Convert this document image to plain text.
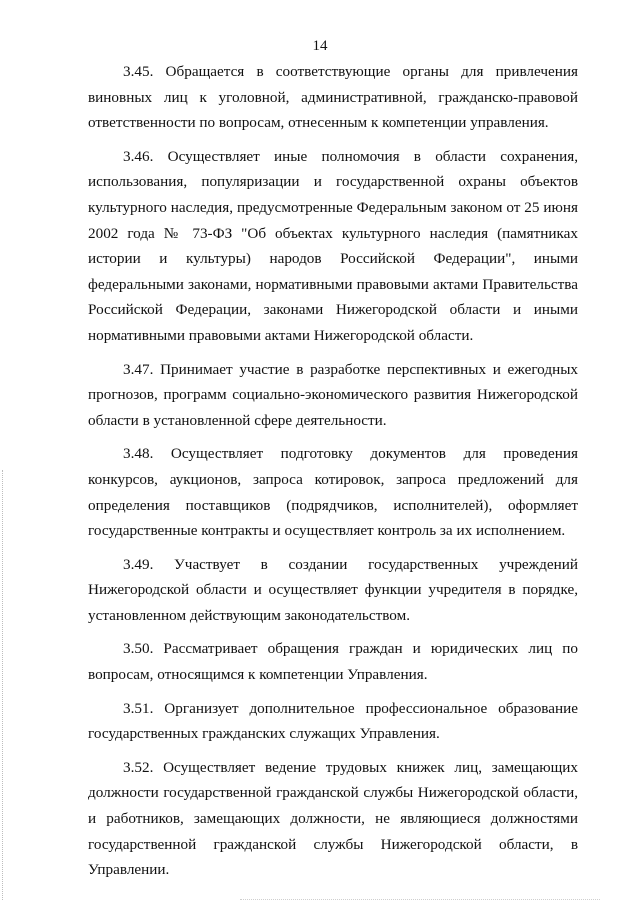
14

3.45. Обращается в соответствующие органы для привлечения виновных лиц к уголовной, административной, гражданско-правовой ответственности по вопросам, отнесенным к компетенции управления.

3.46. Осуществляет иные полномочия в области сохранения, использования, популяризации и государственной охраны объектов культурного наследия, предусмотренные Федеральным законом от 25 июня 2002 года № 73-ФЗ "Об объектах культурного наследия (памятниках истории и культуры) народов Российской Федерации", иными федеральными законами, нормативными правовыми актами Правительства Российской Федерации, законами Нижегородской области и иными нормативными правовыми актами Нижегородской области.

3.47. Принимает участие в разработке перспективных и ежегодных прогнозов, программ социально-экономического развития Нижегородской области в установленной сфере деятельности.

3.48. Осуществляет подготовку документов для проведения конкурсов, аукционов, запроса котировок, запроса предложений для определения поставщиков (подрядчиков, исполнителей), оформляет государственные контракты и осуществляет контроль за их исполнением.

3.49. Участвует в создании государственных учреждений Нижегородской области и осуществляет функции учредителя в порядке, установленном действующим законодательством.

3.50. Рассматривает обращения граждан и юридических лиц по вопросам, относящимся к компетенции Управления.

3.51. Организует дополнительное профессиональное образование государственных гражданских служащих Управления.

3.52. Осуществляет ведение трудовых книжек лиц, замещающих должности государственной гражданской службы Нижегородской области, и работников, замещающих должности, не являющиеся должностями государственной гражданской службы Нижегородской области, в Управлении.
